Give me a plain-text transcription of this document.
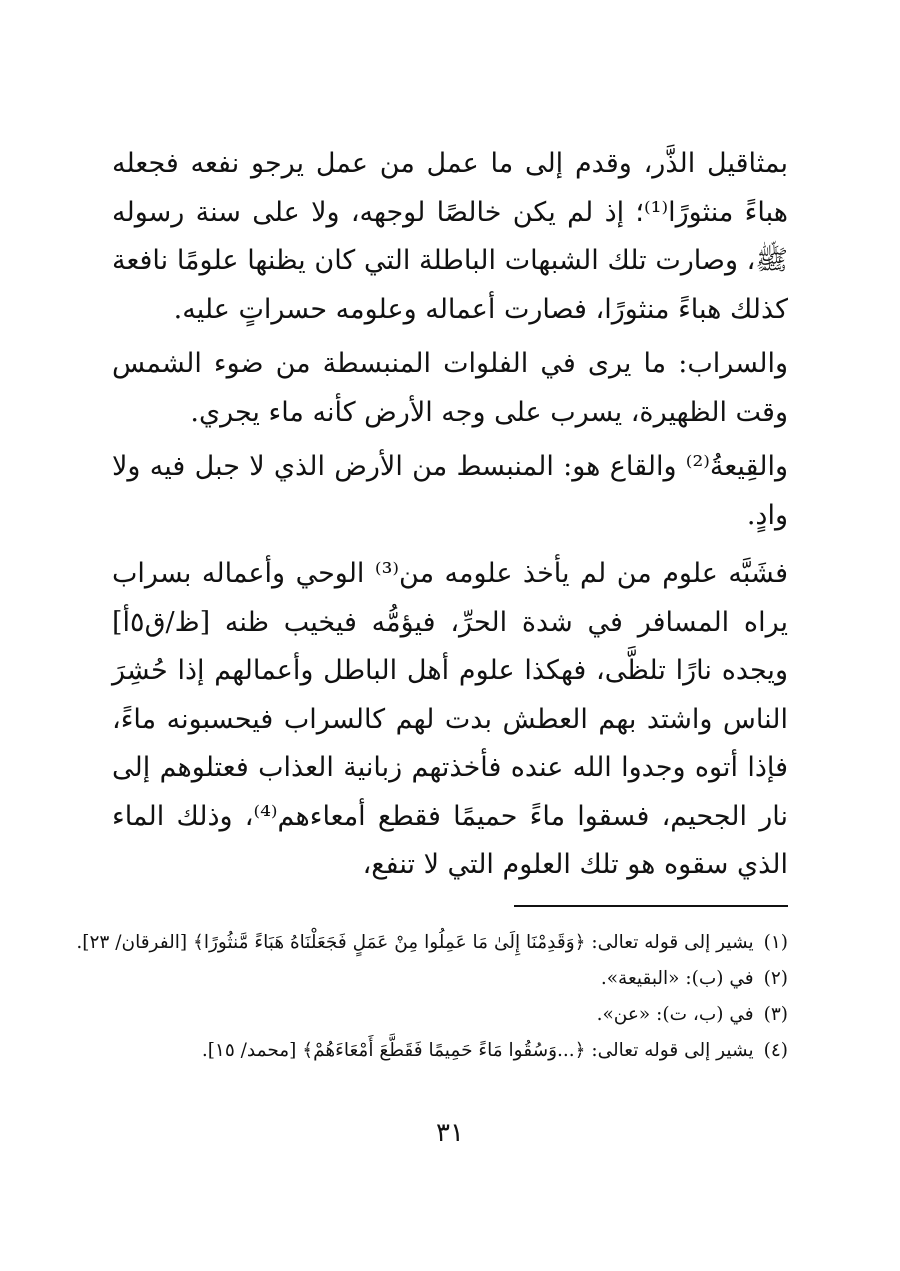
بمثاقيل الذَّر، وقدم إلى ما عمل من عمل يرجو نفعه فجعله هباءً منثورًا⁽¹⁾؛ إذ لم يكن خالصًا لوجهه، ولا على سنة رسوله ﷺ، وصارت تلك الشبهات الباطلة التي كان يظنها علومًا نافعة كذلك هباءً منثورًا، فصارت أعماله وعلومه حسراتٍ عليه.

والسراب: ما يرى في الفلوات المنبسطة من ضوء الشمس وقت الظهيرة، يسرب على وجه الأرض كأنه ماء يجري.

والقِيعةُ⁽²⁾ والقاع هو: المنبسط من الأرض الذي لا جبل فيه ولا وادٍ.

فشَبَّه علوم من لم يأخذ علومه من⁽³⁾ الوحي وأعماله بسراب يراه المسافر في شدة الحرِّ، فيؤمُّه فيخيب ظنه [ظ/ق٥أ] ويجده نارًا تلظَّى، فهكذا علوم أهل الباطل وأعمالهم إذا حُشِرَ الناس واشتد بهم العطش بدت لهم كالسراب فيحسبونه ماءً، فإذا أتوه وجدوا الله عنده فأخذتهم زبانية العذاب فعتلوهم إلى نار الجحيم، فسقوا ماءً حميمًا فقطع أمعاءهم⁽⁴⁾، وذلك الماء الذي سقوه هو تلك العلوم التي لا تنفع،

(١)
يشير إلى قوله تعالى: ﴿وَقَدِمْنَا إِلَىٰ مَا عَمِلُوا مِنْ عَمَلٍ فَجَعَلْنَاهُ هَبَاءً مَّنثُورًا﴾ [الفرقان/ ٢٣].
(٢)
في (ب): «البقيعة».
(٣)
في (ب، ت): «عن».
(٤)
يشير إلى قوله تعالى: ﴿...وَسُقُوا مَاءً حَمِيمًا فَقَطَّعَ أَمْعَاءَهُمْ﴾ [محمد/ ١٥].
٣١
